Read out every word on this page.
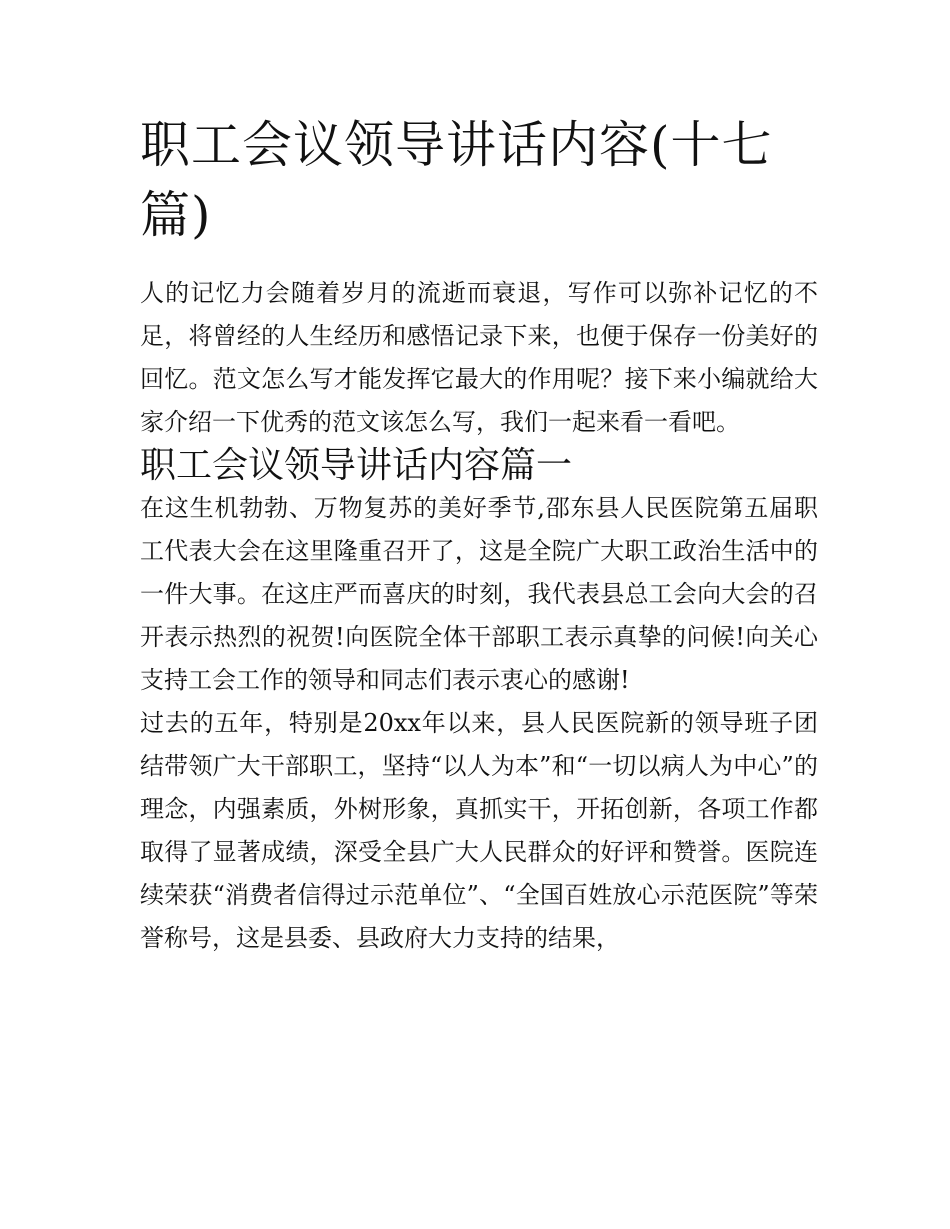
职工会议领导讲话内容(十七篇)

人的记忆力会随着岁月的流逝而衰退，写作可以弥补记忆的不足，将曾经的人生经历和感悟记录下来，也便于保存一份美好的回忆。范文怎么写才能发挥它最大的作用呢？接下来小编就给大家介绍一下优秀的范文该怎么写，我们一起来看一看吧。

职工会议领导讲话内容篇一

在这生机勃勃、万物复苏的美好季节,邵东县人民医院第五届职工代表大会在这里隆重召开了，这是全院广大职工政治生活中的一件大事。在这庄严而喜庆的时刻，我代表县总工会向大会的召开表示热烈的祝贺!向医院全体干部职工表示真挚的问候!向关心支持工会工作的领导和同志们表示衷心的感谢!

过去的五年，特别是20xx年以来，县人民医院新的领导班子团结带领广大干部职工，坚持“以人为本”和“一切以病人为中心”的理念，内强素质，外树形象，真抓实干，开拓创新，各项工作都取得了显著成绩，深受全县广大人民群众的好评和赞誉。医院连续荣获“消费者信得过示范单位”、“全国百姓放心示范医院”等荣誉称号，这是县委、县政府大力支持的结果，
